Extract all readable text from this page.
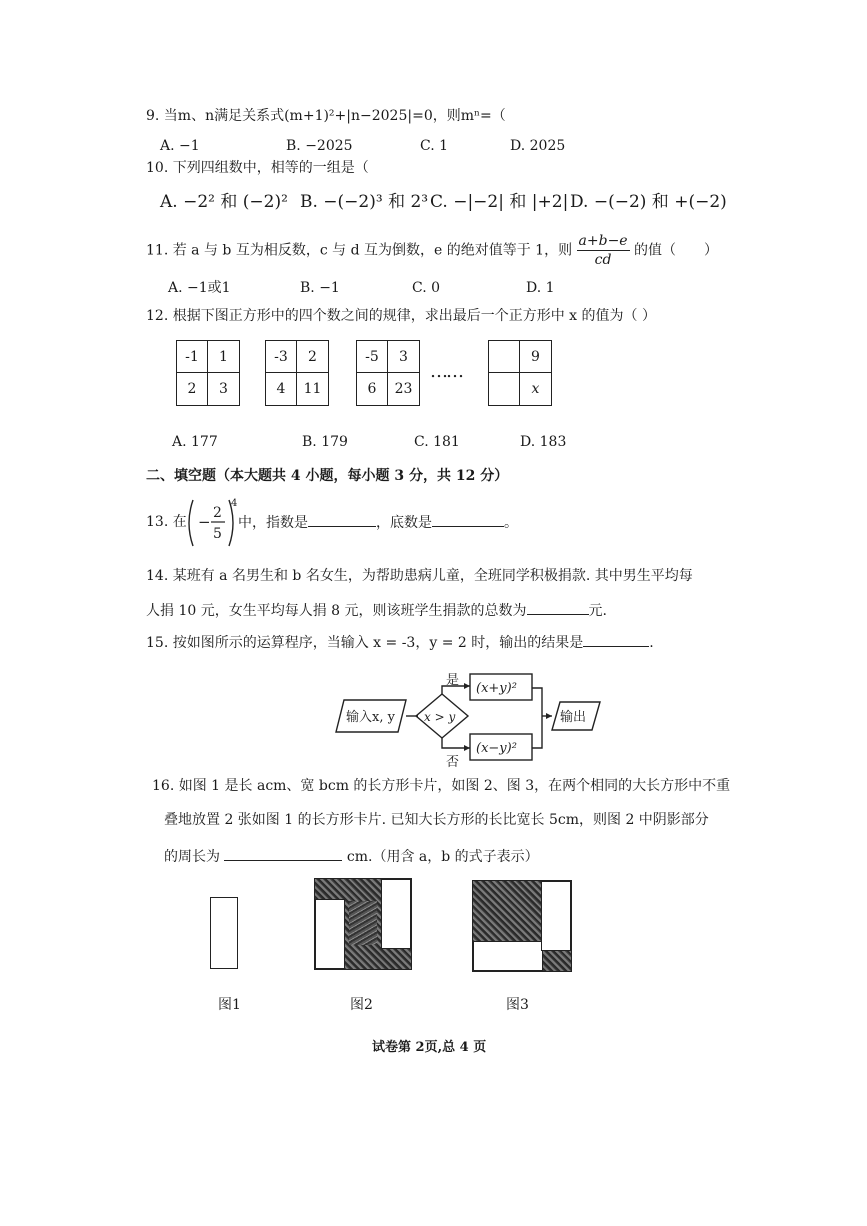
9. 当m、n满足关系式(m+1)²+|n−2025|=0，则mⁿ=（
A. −1	B. −2025	C. 1	D. 2025
10. 下列四组数中，相等的一组是（
A. −2² 和 (−2)² B. −(−2)³ 和 2³ C. −|−2| 和 |+2| D. −(−2) 和 +(−2)
11. 若 a 与 b 互为相反数，c 与 d 互为倒数，e 的绝对值等于 1，则 $\frac{a+b-e}{cd}$ 的值（　　）
A. −1或1	B. −1	C. 0	D. 1
12. 根据下图正方形中的四个数之间的规律，求出最后一个正方形中 x 的值为（ ）
-1	1
2	3
-3	2
4	11
-5	3
6	23
……
9
x
A. 177	B. 179	C. 181	D. 183
二、填空题（本大题共 4 小题，每小题 3 分，共 12 分）
13. 在 − 2
5
4
中，指数是	，底数是	。
14. 某班有 a 名男生和 b 名女生，为帮助患病儿童，全班同学积极捐款. 其中男生平均每
人捐 10 元，女生平均每人捐 8 元，则该班学生捐款的总数为	元.
15. 按如图所示的运算程序，当输入 x = -3，y = 2 时，输出的结果是	.
输入x, y x > y
是
否
(x+y)²
(x−y)²
输出
16. 如图 1 是长 acm、宽 bcm 的长方形卡片，如图 2、图 3，在两个相同的大长方形中不重
叠地放置 2 张如图 1 的长方形卡片. 已知大长方形的长比宽长 5cm，则图 2 中阴影部分
的周长为	cm.（用含 a，b 的式子表示）
图1	图2	图3
试卷第 2页,总 4 页
